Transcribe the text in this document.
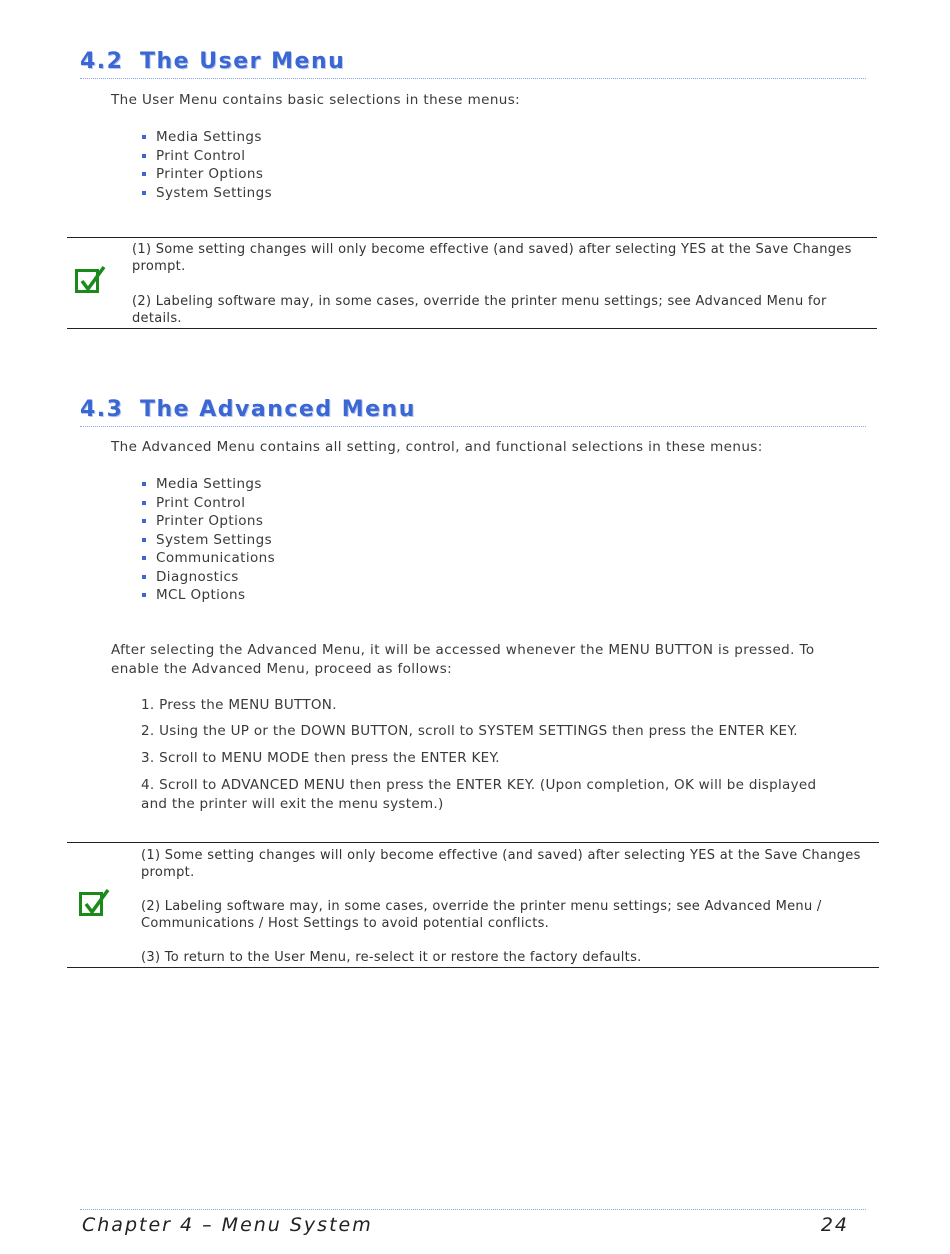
4.2 The User Menu

The User Menu contains basic selections in these menus:

Media Settings
Print Control
Printer Options
System Settings

(1) Some setting changes will only become effective (and saved) after selecting YES at the Save Changes prompt.

(2) Labeling software may, in some cases, override the printer menu settings; see Advanced Menu for details.

4.3 The Advanced Menu

The Advanced Menu contains all setting, control, and functional selections in these menus:

Media Settings
Print Control
Printer Options
System Settings
Communications
Diagnostics
MCL Options

After selecting the Advanced Menu, it will be accessed whenever the MENU BUTTON is pressed. To enable the Advanced Menu, proceed as follows:

1. Press the MENU BUTTON.

2. Using the UP or the DOWN BUTTON, scroll to SYSTEM SETTINGS then press the ENTER KEY.

3. Scroll to MENU MODE then press the ENTER KEY.

4. Scroll to ADVANCED MENU then press the ENTER KEY. (Upon completion, OK will be displayed and the printer will exit the menu system.)

(1) Some setting changes will only become effective (and saved) after selecting YES at the Save Changes prompt.

(2) Labeling software may, in some cases, override the printer menu settings; see Advanced Menu / Communications / Host Settings to avoid potential conflicts.

(3) To return to the User Menu, re-select it or restore the factory defaults.

Chapter 4 – Menu System	24
